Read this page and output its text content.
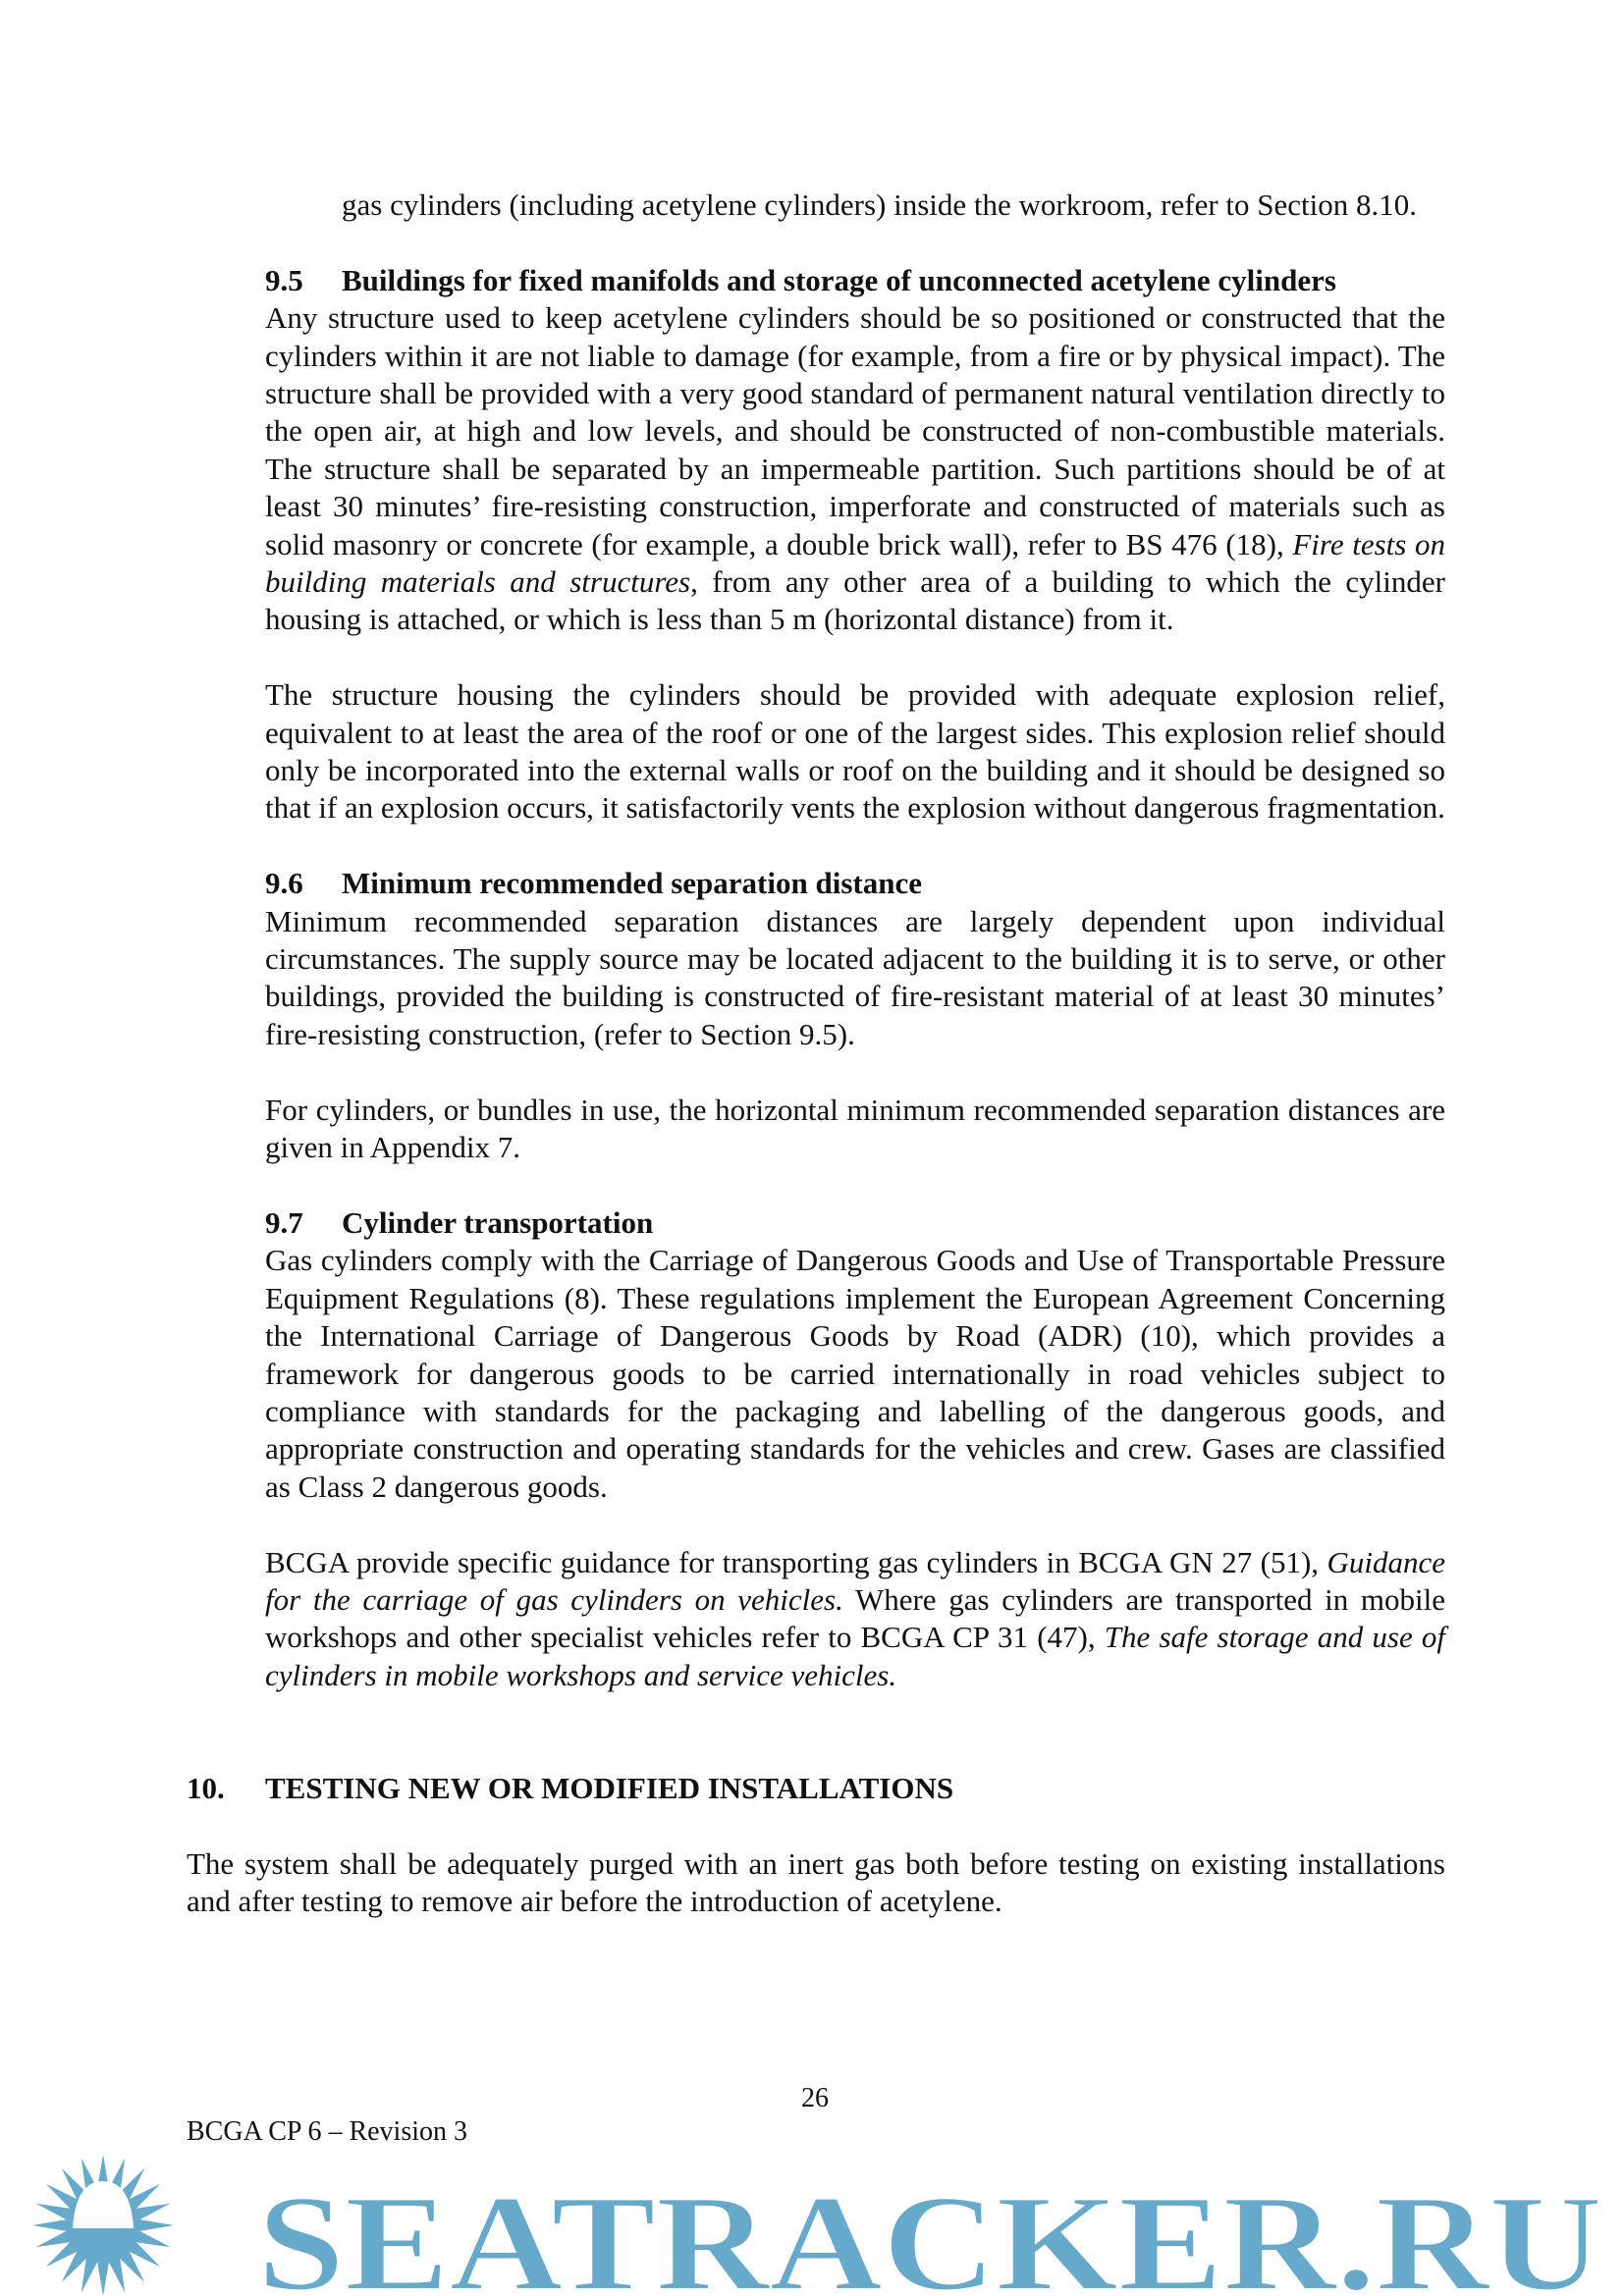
gas cylinders (including acetylene cylinders) inside the workroom, refer to Section 8.10.

9.5 Buildings for fixed manifolds and storage of unconnected acetylene cylinders

Any structure used to keep acetylene cylinders should be so positioned or constructed that the cylinders within it are not liable to damage (for example, from a fire or by physical impact). The structure shall be provided with a very good standard of permanent natural ventilation directly to the open air, at high and low levels, and should be constructed of non-combustible materials. The structure shall be separated by an impermeable partition. Such partitions should be of at least 30 minutes’ fire-resisting construction, imperforate and constructed of materials such as solid masonry or concrete (for example, a double brick wall), refer to BS 476 (18), Fire tests on building materials and structures, from any other area of a building to which the cylinder housing is attached, or which is less than 5 m (horizontal distance) from it.

The structure housing the cylinders should be provided with adequate explosion relief, equivalent to at least the area of the roof or one of the largest sides. This explosion relief should only be incorporated into the external walls or roof on the building and it should be designed so that if an explosion occurs, it satisfactorily vents the explosion without dangerous fragmentation.

9.6 Minimum recommended separation distance

Minimum recommended separation distances are largely dependent upon individual circumstances. The supply source may be located adjacent to the building it is to serve, or other buildings, provided the building is constructed of fire-resistant material of at least 30 minutes’ fire-resisting construction, (refer to Section 9.5).

For cylinders, or bundles in use, the horizontal minimum recommended separation distances are given in Appendix 7.

9.7 Cylinder transportation

Gas cylinders comply with the Carriage of Dangerous Goods and Use of Transportable Pressure Equipment Regulations (8). These regulations implement the European Agreement Concerning the International Carriage of Dangerous Goods by Road (ADR) (10), which provides a framework for dangerous goods to be carried internationally in road vehicles subject to compliance with standards for the packaging and labelling of the dangerous goods, and appropriate construction and operating standards for the vehicles and crew. Gases are classified as Class 2 dangerous goods.

BCGA provide specific guidance for transporting gas cylinders in BCGA GN 27 (51), Guidance for the carriage of gas cylinders on vehicles. Where gas cylinders are transported in mobile workshops and other specialist vehicles refer to BCGA CP 31 (47), The safe storage and use of cylinders in mobile workshops and service vehicles.

10. TESTING NEW OR MODIFIED INSTALLATIONS

The system shall be adequately purged with an inert gas both before testing on existing installations and after testing to remove air before the introduction of acetylene.

26
BCGA CP 6 – Revision 3
SEATRACKER.RU
